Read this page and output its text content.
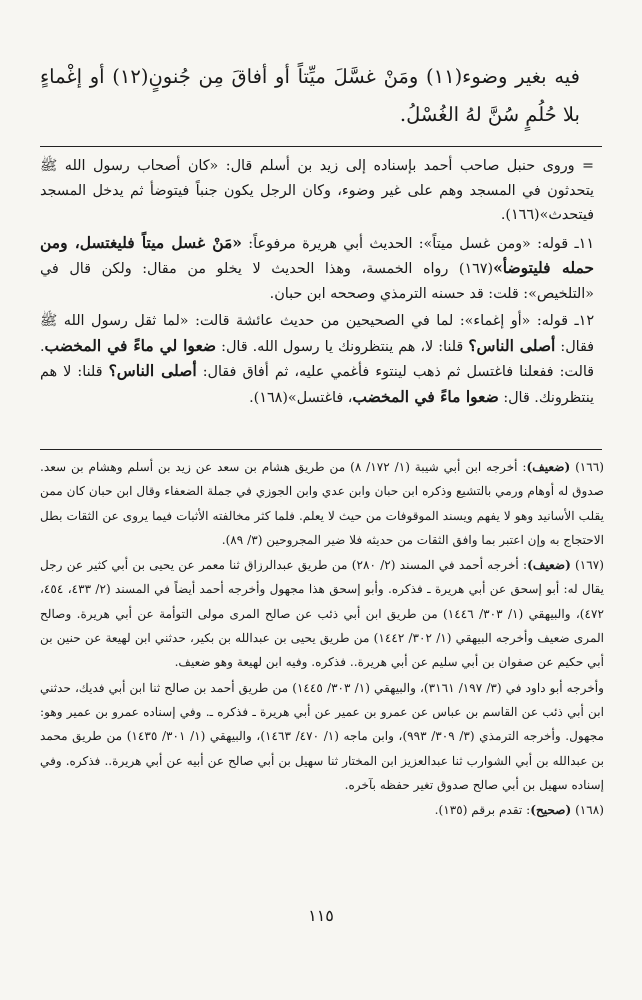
فيه بغير وضوء(١١) ومَنْ غسَّلَ ميِّتاً أو أفاقَ مِن جُنونٍ(١٢) أو إغْماءٍ بلا حُلُمٍ سُنَّ لهُ الغُسْلُ.

= وروى حنبل صاحب أحمد بإسناده إلى زيد بن أسلم قال: «كان أصحاب رسول الله ﷺ يتحدثون في المسجد وهم على غير وضوء، وكان الرجل يكون جنباً فيتوضأ ثم يدخل المسجد فيتحدث»(١٦٦).

١١ـ قوله: «ومن غسل ميتاً»: الحديث أبي هريرة مرفوعاً: «مَنْ غسل ميتاً فليغتسل، ومن حمله فليتوضأ»(١٦٧) رواه الخمسة، وهذا الحديث لا يخلو من مقال: ولكن قال في «التلخيص»: قلت: قد حسنه الترمذي وصححه ابن حبان.

١٢ـ قوله: «أو إغماء»: لما في الصحيحين من حديث عائشة قالت: «لما ثقل رسول الله ﷺ فقال: أصلى الناس؟ قلنا: لا، هم ينتظرونك يا رسول الله. قال: ضعوا لي ماءً في المخضب. قالت: ففعلنا فاغتسل ثم ذهب لينتوء فأغمي عليه، ثم أفاق فقال: أصلى الناس؟ قلنا: لا هم ينتظرونك. قال: ضعوا ماءً في المخضب، فاغتسل»(١٦٨).

(١٦٦) (ضعيف): أخرجه ابن أبي شيبة (١/ ١٧٢/ ٨) من طريق هشام بن سعد عن زيد بن أسلم وهشام بن سعد. صدوق له أوهام ورمي بالتشيع وذكره ابن حبان وابن عدي وابن الجوزي في جملة الضعفاء وقال ابن حبان كان ممن يقلب الأسانيد وهو لا يفهم ويسند الموقوفات من حيث لا يعلم. فلما كثر مخالفته الأثبات فيما يروى عن الثقات بطل الاحتجاج به وإن اعتبر بما وافق الثقات من حديثه فلا ضير المجروحين (٣/ ٨٩).

(١٦٧) (ضعيف): أخرجه أحمد في المسند (٢/ ٢٨٠) من طريق عبدالرزاق ثنا معمر عن يحيى بن أبي كثير عن رجل يقال له: أبو إسحق عن أبي هريرة ـ فذكره. وأبو إسحق هذا مجهول وأخرجه أحمد أيضاً في المسند (٢/ ٤٣٣، ٤٥٤، ٤٧٢)، والبيهقي (١/ ٣٠٣/ ١٤٤٦) من طريق ابن أبي ذئب عن صالح المرى مولى التوأمة عن أبي هريرة. وصالح المرى ضعيف وأخرجه البيهقي (١/ ٣٠٢/ ١٤٤٢) من طريق يحيى بن عبدالله بن بكير، حدثني ابن لهيعة عن حنين بن أبي حكيم عن صفوان بن أبي سليم عن أبي هريرة.. فذكره. وفيه ابن لهيعة وهو ضعيف.

وأخرجه أبو داود في (٣/ ١٩٧/ ٣١٦١)، والبيهقي (١/ ٣٠٣/ ١٤٤٥) من طريق أحمد بن صالح ثنا ابن أبي فديك، حدثني ابن أبي ذئب عن القاسم بن عباس عن عمرو بن عمير عن أبي هريرة ـ فذكره ـ. وفي إسناده عمرو بن عمير وهو: مجهول. وأخرجه الترمذي (٣/ ٣٠٩/ ٩٩٣)، وابن ماجه (١/ ٤٧٠/ ١٤٦٣)، والبيهقي (١/ ٣٠١/ ١٤٣٥) من طريق محمد بن عبدالله بن أبي الشوارب ثنا عبدالعزيز ابن المختار ثنا سهيل بن أبي صالح عن أبيه عن أبي هريرة.. فذكره. وفي إسناده سهيل بن أبي صالح صدوق تغير حفظه بآخره.

(١٦٨) (صحيح): تقدم برقم (١٣٥).

١١٥
